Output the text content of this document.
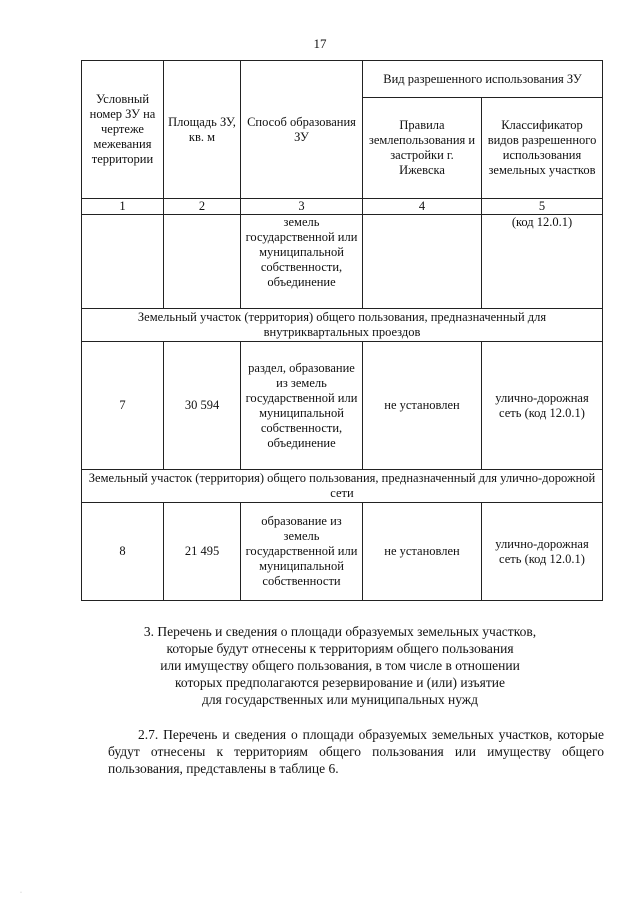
17
Условный номер ЗУ на чертеже межевания территории	Площадь ЗУ, кв. м	Способ образования ЗУ	Вид разрешенного использования ЗУ	
			Правила землепользования и застройки г. Ижевска	Классификатор видов разрешенного использования земельных участков
1	2	3	4	5
		земель государственной или муниципальной собственности, объединение		(код 12.0.1)
Земельный участок (территория) общего пользования, предназначенный для внутриквартальных проездов				
7	30 594	раздел, образование из земель государственной или муниципальной собственности, объединение	не установлен	улично-дорожная сеть (код 12.0.1)
Земельный участок (территория) общего пользования, предназначенный для улично-дорожной сети				
8	21 495	образование из земель государственной или муниципальной собственности	не установлен	улично-дорожная сеть (код 12.0.1)
3. Перечень и сведения о площади образуемых земельных участков,
которые будут отнесены к территориям общего пользования
или имуществу общего пользования, в том числе в отношении
которых предполагаются резервирование и (или) изъятие
для государственных или муниципальных нужд
2.7. Перечень и сведения о площади образуемых земельных участков, которые будут отнесены к территориям общего пользования или имуществу общего пользования, представлены в таблице 6.
·
